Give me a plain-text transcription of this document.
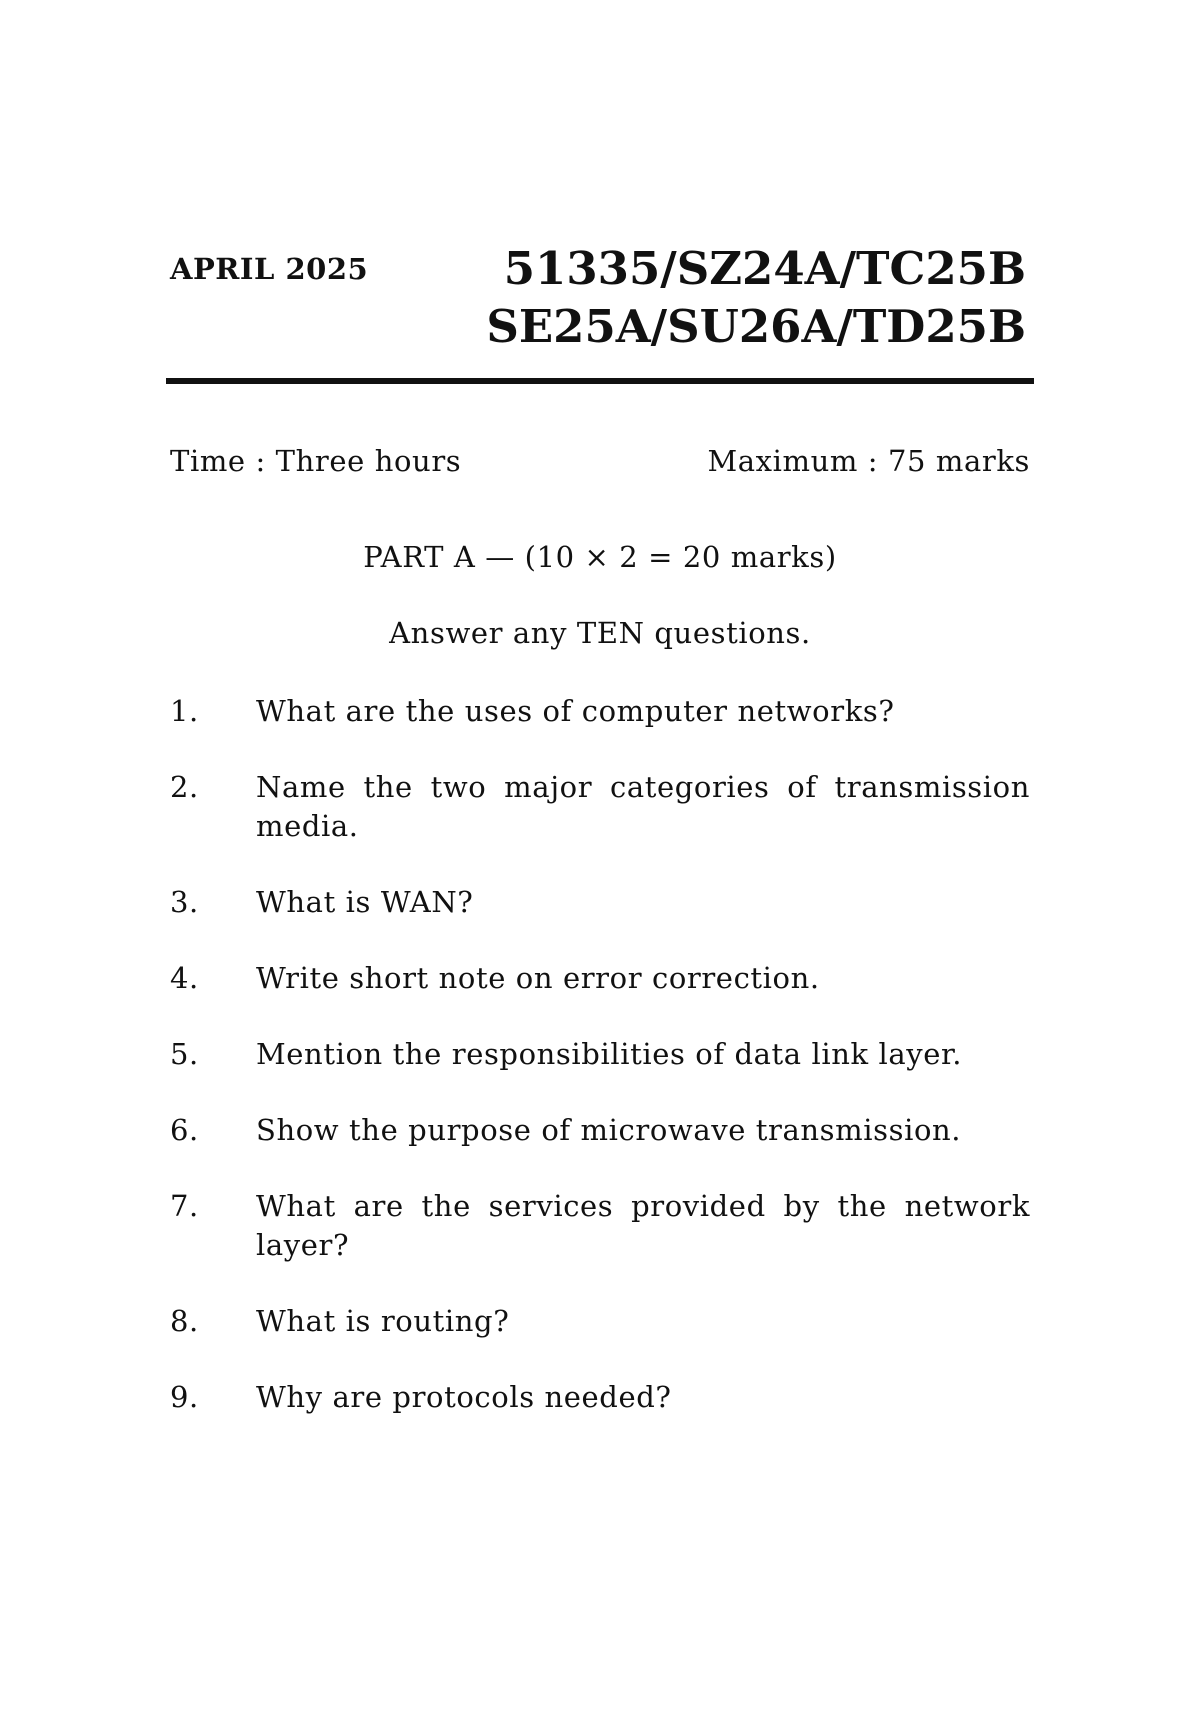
APRIL 2025	51335/SZ24A/TC25B
SE25A/SU26A/TD25B
Time : Three hours	Maximum : 75 marks
PART A — (10 × 2 = 20 marks)
Answer any TEN questions.
1.	What are the uses of computer networks?
2.	Name the two major categories of transmission media.
3.	What is WAN?
4.	Write short note on error correction.
5.	Mention the responsibilities of data link layer.
6.	Show the purpose of microwave transmission.
7.	What are the services provided by the network layer?
8.	What is routing?
9.	Why are protocols needed?
